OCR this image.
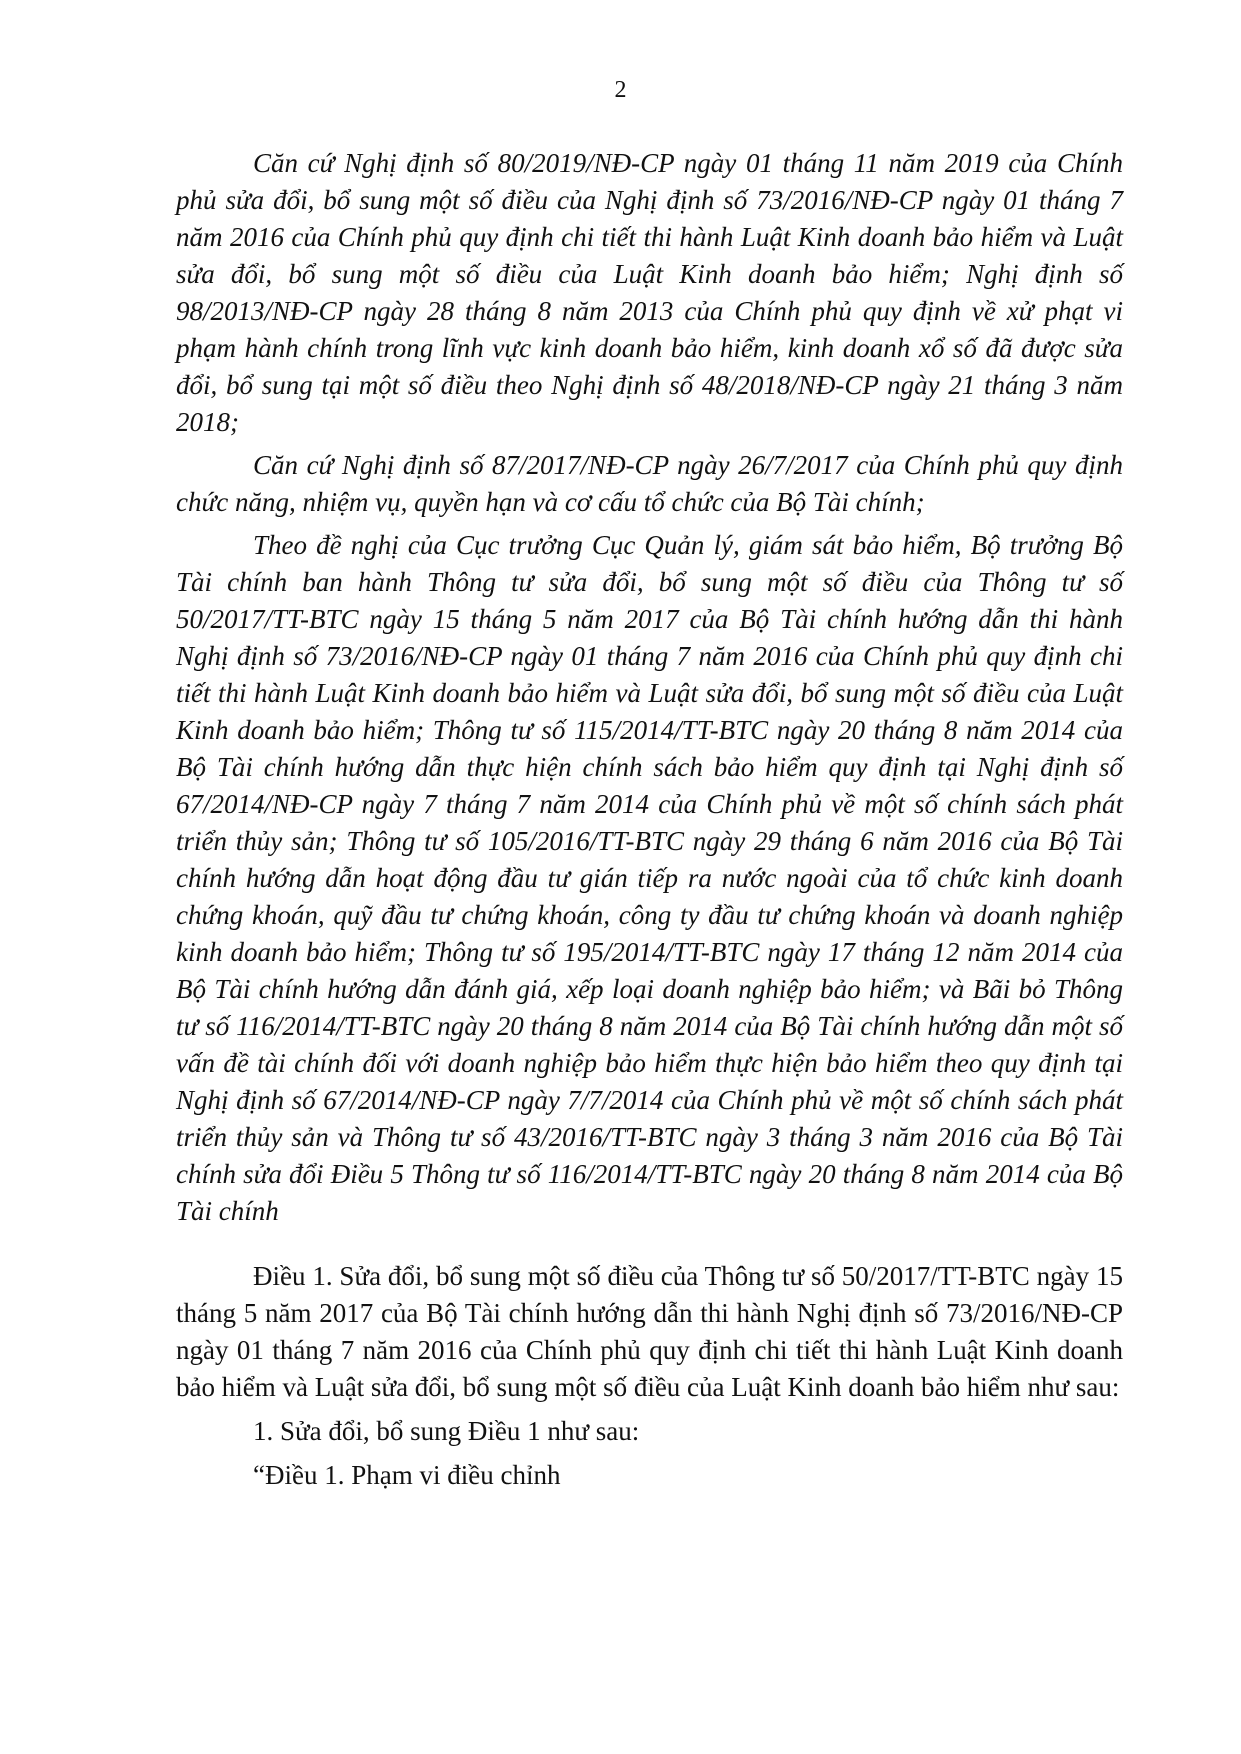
2

Căn cứ Nghị định số 80/2019/NĐ-CP ngày 01 tháng 11 năm 2019 của Chính phủ sửa đổi, bổ sung một số điều của Nghị định số 73/2016/NĐ-CP ngày 01 tháng 7 năm 2016 của Chính phủ quy định chi tiết thi hành Luật Kinh doanh bảo hiểm và Luật sửa đổi, bổ sung một số điều của Luật Kinh doanh bảo hiểm; Nghị định số 98/2013/NĐ-CP ngày 28 tháng 8 năm 2013 của Chính phủ quy định về xử phạt vi phạm hành chính trong lĩnh vực kinh doanh bảo hiểm, kinh doanh xổ số đã được sửa đổi, bổ sung tại một số điều theo Nghị định số 48/2018/NĐ-CP ngày 21 tháng 3 năm 2018;

Căn cứ Nghị định số 87/2017/NĐ-CP ngày 26/7/2017 của Chính phủ quy định chức năng, nhiệm vụ, quyền hạn và cơ cấu tổ chức của Bộ Tài chính;

Theo đề nghị của Cục trưởng Cục Quản lý, giám sát bảo hiểm, Bộ trưởng Bộ Tài chính ban hành Thông tư sửa đổi, bổ sung một số điều của Thông tư số 50/2017/TT-BTC ngày 15 tháng 5 năm 2017 của Bộ Tài chính hướng dẫn thi hành Nghị định số 73/2016/NĐ-CP ngày 01 tháng 7 năm 2016 của Chính phủ quy định chi tiết thi hành Luật Kinh doanh bảo hiểm và Luật sửa đổi, bổ sung một số điều của Luật Kinh doanh bảo hiểm; Thông tư số 115/2014/TT-BTC ngày 20 tháng 8 năm 2014 của Bộ Tài chính hướng dẫn thực hiện chính sách bảo hiểm quy định tại Nghị định số 67/2014/NĐ-CP ngày 7 tháng 7 năm 2014 của Chính phủ về một số chính sách phát triển thủy sản; Thông tư số 105/2016/TT-BTC ngày 29 tháng 6 năm 2016 của Bộ Tài chính hướng dẫn hoạt động đầu tư gián tiếp ra nước ngoài của tổ chức kinh doanh chứng khoán, quỹ đầu tư chứng khoán, công ty đầu tư chứng khoán và doanh nghiệp kinh doanh bảo hiểm; Thông tư số 195/2014/TT-BTC ngày 17 tháng 12 năm 2014 của Bộ Tài chính hướng dẫn đánh giá, xếp loại doanh nghiệp bảo hiểm; và Bãi bỏ Thông tư số 116/2014/TT-BTC ngày 20 tháng 8 năm 2014 của Bộ Tài chính hướng dẫn một số vấn đề tài chính đối với doanh nghiệp bảo hiểm thực hiện bảo hiểm theo quy định tại Nghị định số 67/2014/NĐ-CP ngày 7/7/2014 của Chính phủ về một số chính sách phát triển thủy sản và Thông tư số 43/2016/TT-BTC ngày 3 tháng 3 năm 2016 của Bộ Tài chính sửa đổi Điều 5 Thông tư số 116/2014/TT-BTC ngày 20 tháng 8 năm 2014 của Bộ Tài chính

Điều 1. Sửa đổi, bổ sung một số điều của Thông tư số 50/2017/TT-BTC ngày 15 tháng 5 năm 2017 của Bộ Tài chính hướng dẫn thi hành Nghị định số 73/2016/NĐ-CP ngày 01 tháng 7 năm 2016 của Chính phủ quy định chi tiết thi hành Luật Kinh doanh bảo hiểm và Luật sửa đổi, bổ sung một số điều của Luật Kinh doanh bảo hiểm như sau:

1. Sửa đổi, bổ sung Điều 1 như sau:

“Điều 1. Phạm vi điều chỉnh
